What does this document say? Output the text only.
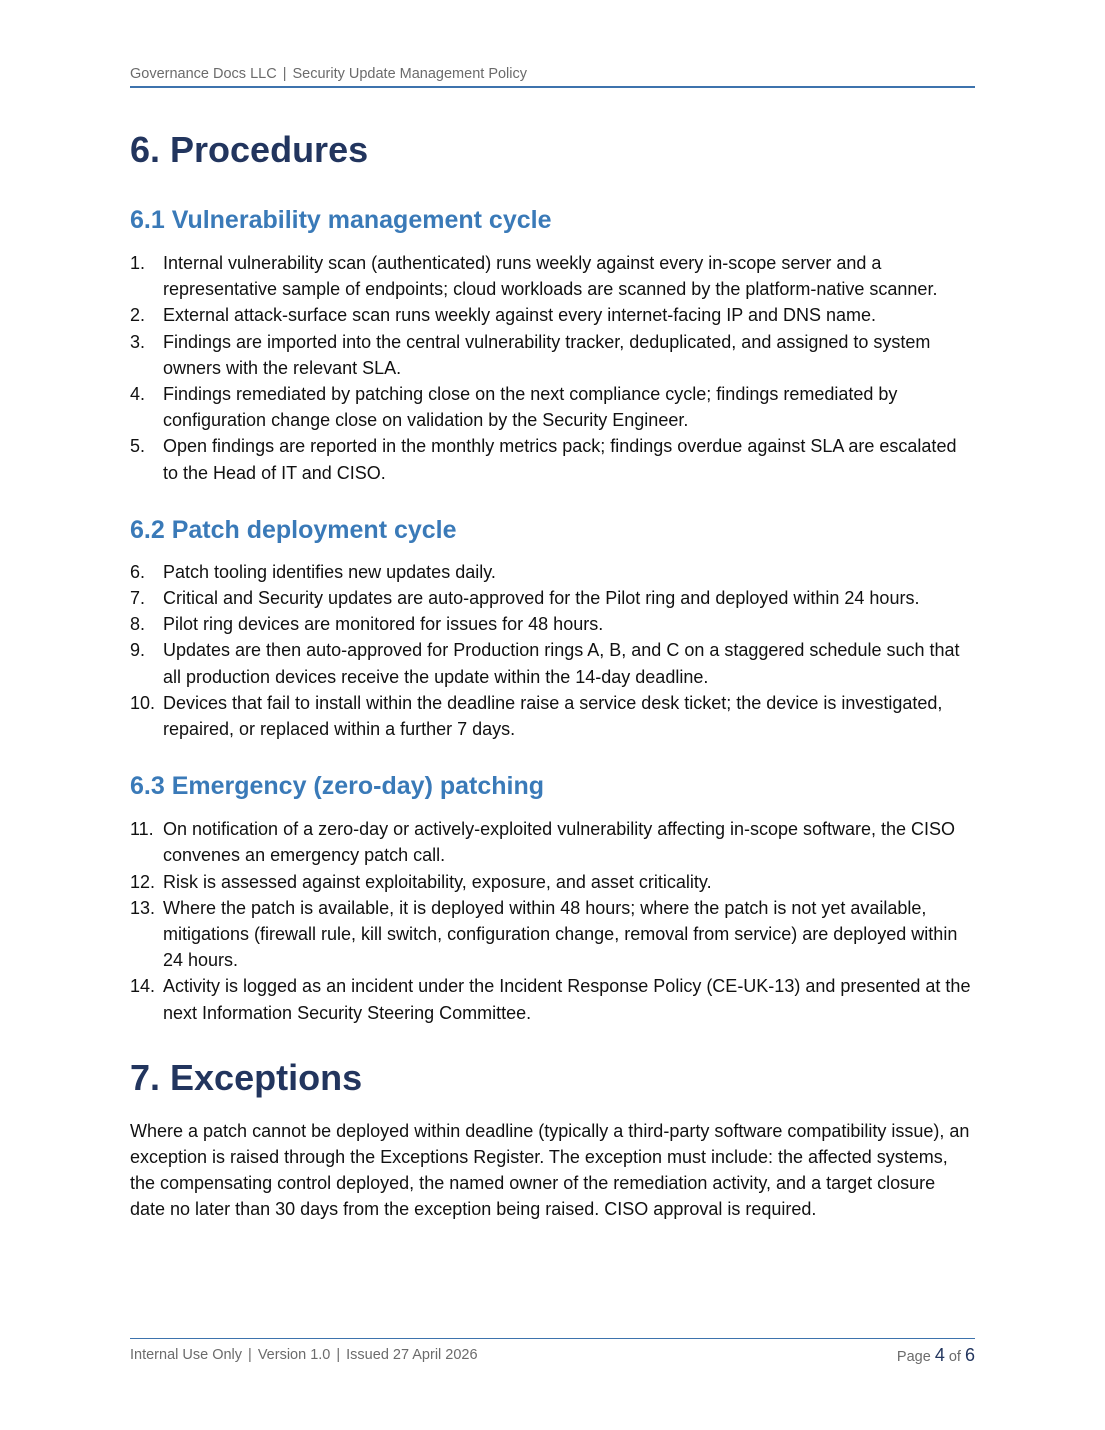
Governance Docs LLC | Security Update Management Policy
6. Procedures
6.1 Vulnerability management cycle
1. Internal vulnerability scan (authenticated) runs weekly against every in-scope server and a representative sample of endpoints; cloud workloads are scanned by the platform-native scanner.
2. External attack-surface scan runs weekly against every internet-facing IP and DNS name.
3. Findings are imported into the central vulnerability tracker, deduplicated, and assigned to system owners with the relevant SLA.
4. Findings remediated by patching close on the next compliance cycle; findings remediated by configuration change close on validation by the Security Engineer.
5. Open findings are reported in the monthly metrics pack; findings overdue against SLA are escalated to the Head of IT and CISO.
6.2 Patch deployment cycle
6. Patch tooling identifies new updates daily.
7. Critical and Security updates are auto-approved for the Pilot ring and deployed within 24 hours.
8. Pilot ring devices are monitored for issues for 48 hours.
9. Updates are then auto-approved for Production rings A, B, and C on a staggered schedule such that all production devices receive the update within the 14-day deadline.
10. Devices that fail to install within the deadline raise a service desk ticket; the device is investigated, repaired, or replaced within a further 7 days.
6.3 Emergency (zero-day) patching
11. On notification of a zero-day or actively-exploited vulnerability affecting in-scope software, the CISO convenes an emergency patch call.
12. Risk is assessed against exploitability, exposure, and asset criticality.
13. Where the patch is available, it is deployed within 48 hours; where the patch is not yet available, mitigations (firewall rule, kill switch, configuration change, removal from service) are deployed within 24 hours.
14. Activity is logged as an incident under the Incident Response Policy (CE-UK-13) and presented at the next Information Security Steering Committee.
7. Exceptions

Where a patch cannot be deployed within deadline (typically a third-party software compatibility issue), an exception is raised through the Exceptions Register. The exception must include: the affected systems, the compensating control deployed, the named owner of the remediation activity, and a target closure date no later than 30 days from the exception being raised. CISO approval is required.

Internal Use Only | Version 1.0 | Issued 27 April 2026	Page 4 of 6
